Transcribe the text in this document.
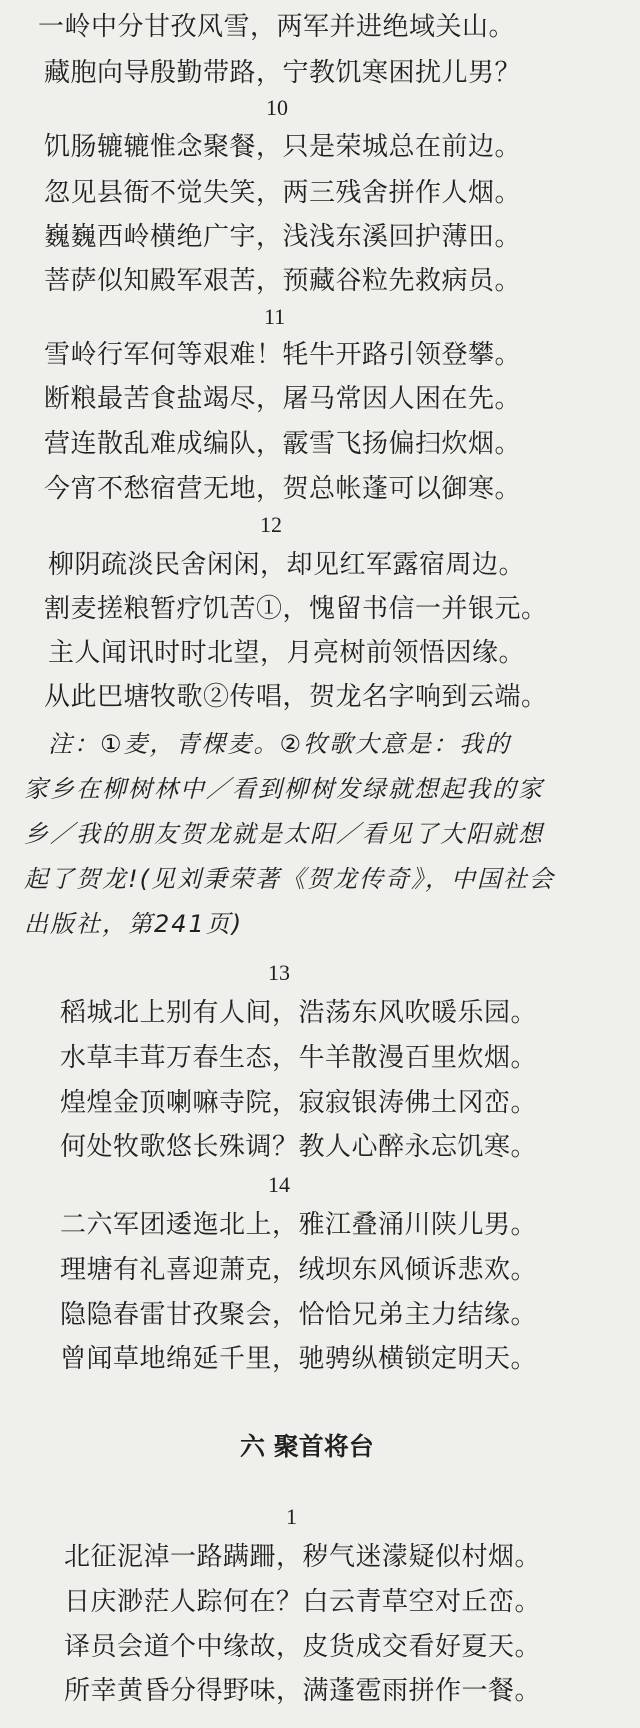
一岭中分甘孜风雪，两军并进绝域关山。
藏胞向导殷勤带路，宁教饥寒困扰儿男？
10
饥肠辘辘惟念聚餐，只是荣城总在前边。
忽见县衙不觉失笑，两三残舍拼作人烟。
巍巍西岭横绝广宇，浅浅东溪回护薄田。
菩萨似知殿军艰苦，预藏谷粒先救病员。
11
雪岭行军何等艰难！牦牛开路引领登攀。
断粮最苦食盐竭尽，屠马常因人困在先。
营连散乱难成编队，霰雪飞扬偏扫炊烟。
今宵不愁宿营无地，贺总帐蓬可以御寒。
12
柳阴疏淡民舍闲闲，却见红军露宿周边。
割麦搓粮暂疗饥苦①，愧留书信一并银元。
主人闻讯时时北望，月亮树前领悟因缘。
从此巴塘牧歌②传唱，贺龙名字响到云端。
注：①麦，青棵麦。②牧歌大意是：我的
家乡在柳树林中／看到柳树发绿就想起我的家
乡／我的朋友贺龙就是太阳／看见了大阳就想
起了贺龙!(见刘秉荣著《贺龙传奇》，中国社会
出版社，第241页)
13
稻城北上别有人间，浩荡东风吹暖乐园。
水草丰茸万春生态，牛羊散漫百里炊烟。
煌煌金顶喇嘛寺院，寂寂银涛佛土冈峦。
何处牧歌悠长殊调？教人心醉永忘饥寒。
14
二六军团逶迤北上，雅江叠涌川陕儿男。
理塘有礼喜迎萧克，绒坝东风倾诉悲欢。
隐隐春雷甘孜聚会，恰恰兄弟主力结缘。
曾闻草地绵延千里，驰骋纵横锁定明天。
六 聚首将台
1
北征泥淖一路蹒跚，秽气迷濛疑似村烟。
日庆渺茫人踪何在？白云青草空对丘峦。
译员会道个中缘故，皮货成交看好夏天。
所幸黄昏分得野味，满蓬雹雨拼作一餐。
